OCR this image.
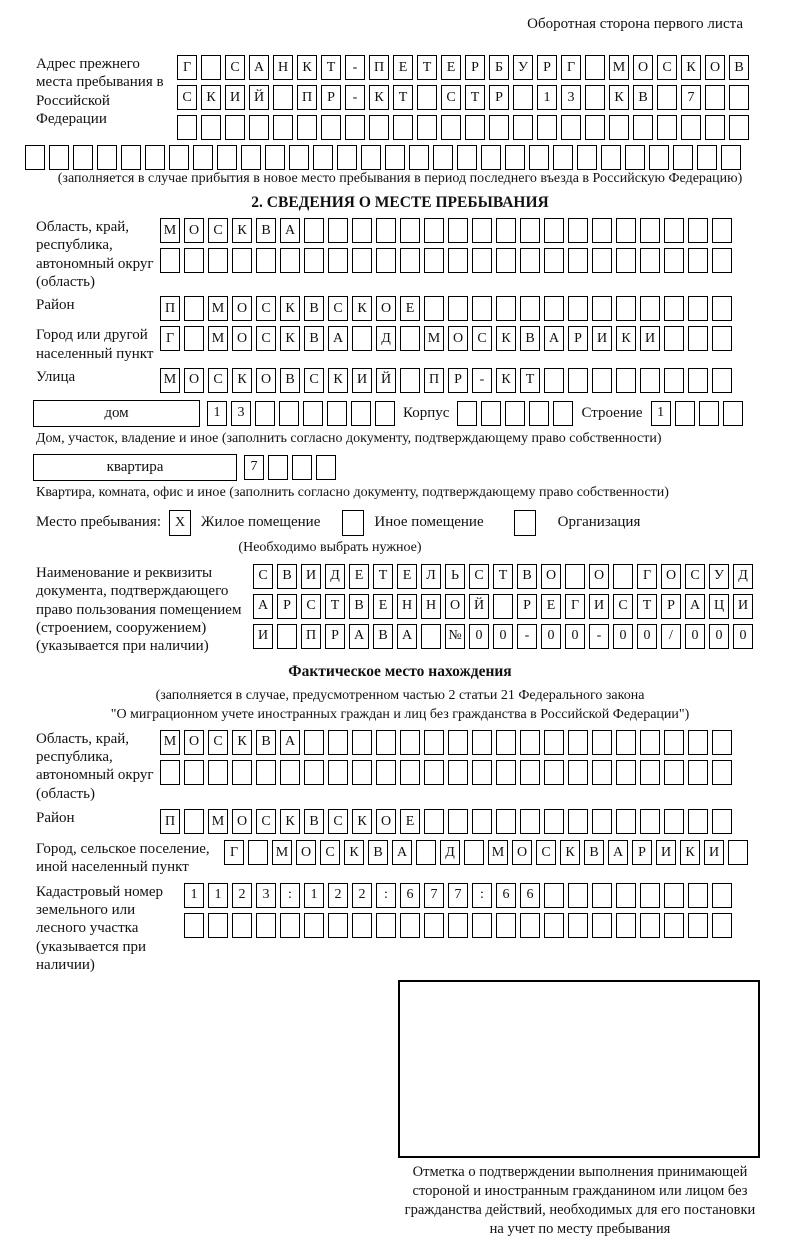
Оборотная сторона первого листа
Адрес прежнего места пребывания в Российской Федерации
Г	С	А Н	К	Т	-	П	Е	Т	Е	Р	Б	У	Р	Г	М О	С	К	О	В
С	К	И Й	П	Р	-	К	Т	С	Т	Р	1	3	К	В	7
(заполняется в случае прибытия в новое место пребывания в период последнего въезда в Российскую Федерацию)
2. СВЕДЕНИЯ О МЕСТЕ ПРЕБЫВАНИЯ
Область, край, республика, автономный округ (область)
М О	С	К	В	А
Район	П	М О	С	К	В	С	К	О	Е
Город или другой населенный пункт
Г	М О	С	К	В	А	Д	М О	С	К	В	А	Р	И	К	И
Улица	М О	С	К	О	В	С	К	И Й	П	Р	-	К	Т
дом	1	3	Корпус	Строение	1
Дом, участок, владение и иное (заполнить согласно документу, подтверждающему право собственности)
квартира	7
Квартира, комната, офис и иное (заполнить согласно документу, подтверждающему право собственности)
Место пребывания: X	Жилое помещение	Иное помещение	Организация
(Необходимо выбрать нужное)
Наименование и реквизиты документа, подтверждающего право пользования помещением (строением, сооружением) (указывается при наличии)
С	В	И	Д	Е	Т	Е	Л	Ь	С	Т	В	О	О	Г	О	С	У	Д
А	Р	С	Т	В	Е	Н Н О Й	Р	Е	Г	И	С	Т	Р	А Ц И
И	П	Р	А	В	А	№ 0	0	-	0	0	-	0	0	/	0	0	0
Фактическое место нахождения
(заполняется в случае, предусмотренном частью 2 статьи 21 Федерального закона
"О миграционном учете иностранных граждан и лиц без гражданства в Российской Федерации")
Область, край, республика, автономный округ (область)
М О	С	К	В	А
Район	П	М О	С	К	В	С	К	О	Е
Город, сельское поселение, иной населенный пункт
Г	М О	С	К	В	А	Д	М О	С	К	В	А	Р	И	К	И
Кадастровый номер земельного или лесного участка (указывается при наличии)
1	1	2	3	:	1	2	2	:	6	7	7	:	6	6
Отметка о подтверждении выполнения принимающей
стороной и иностранным гражданином или лицом без
гражданства действий, необходимых для его постановки
на учет по месту пребывания
